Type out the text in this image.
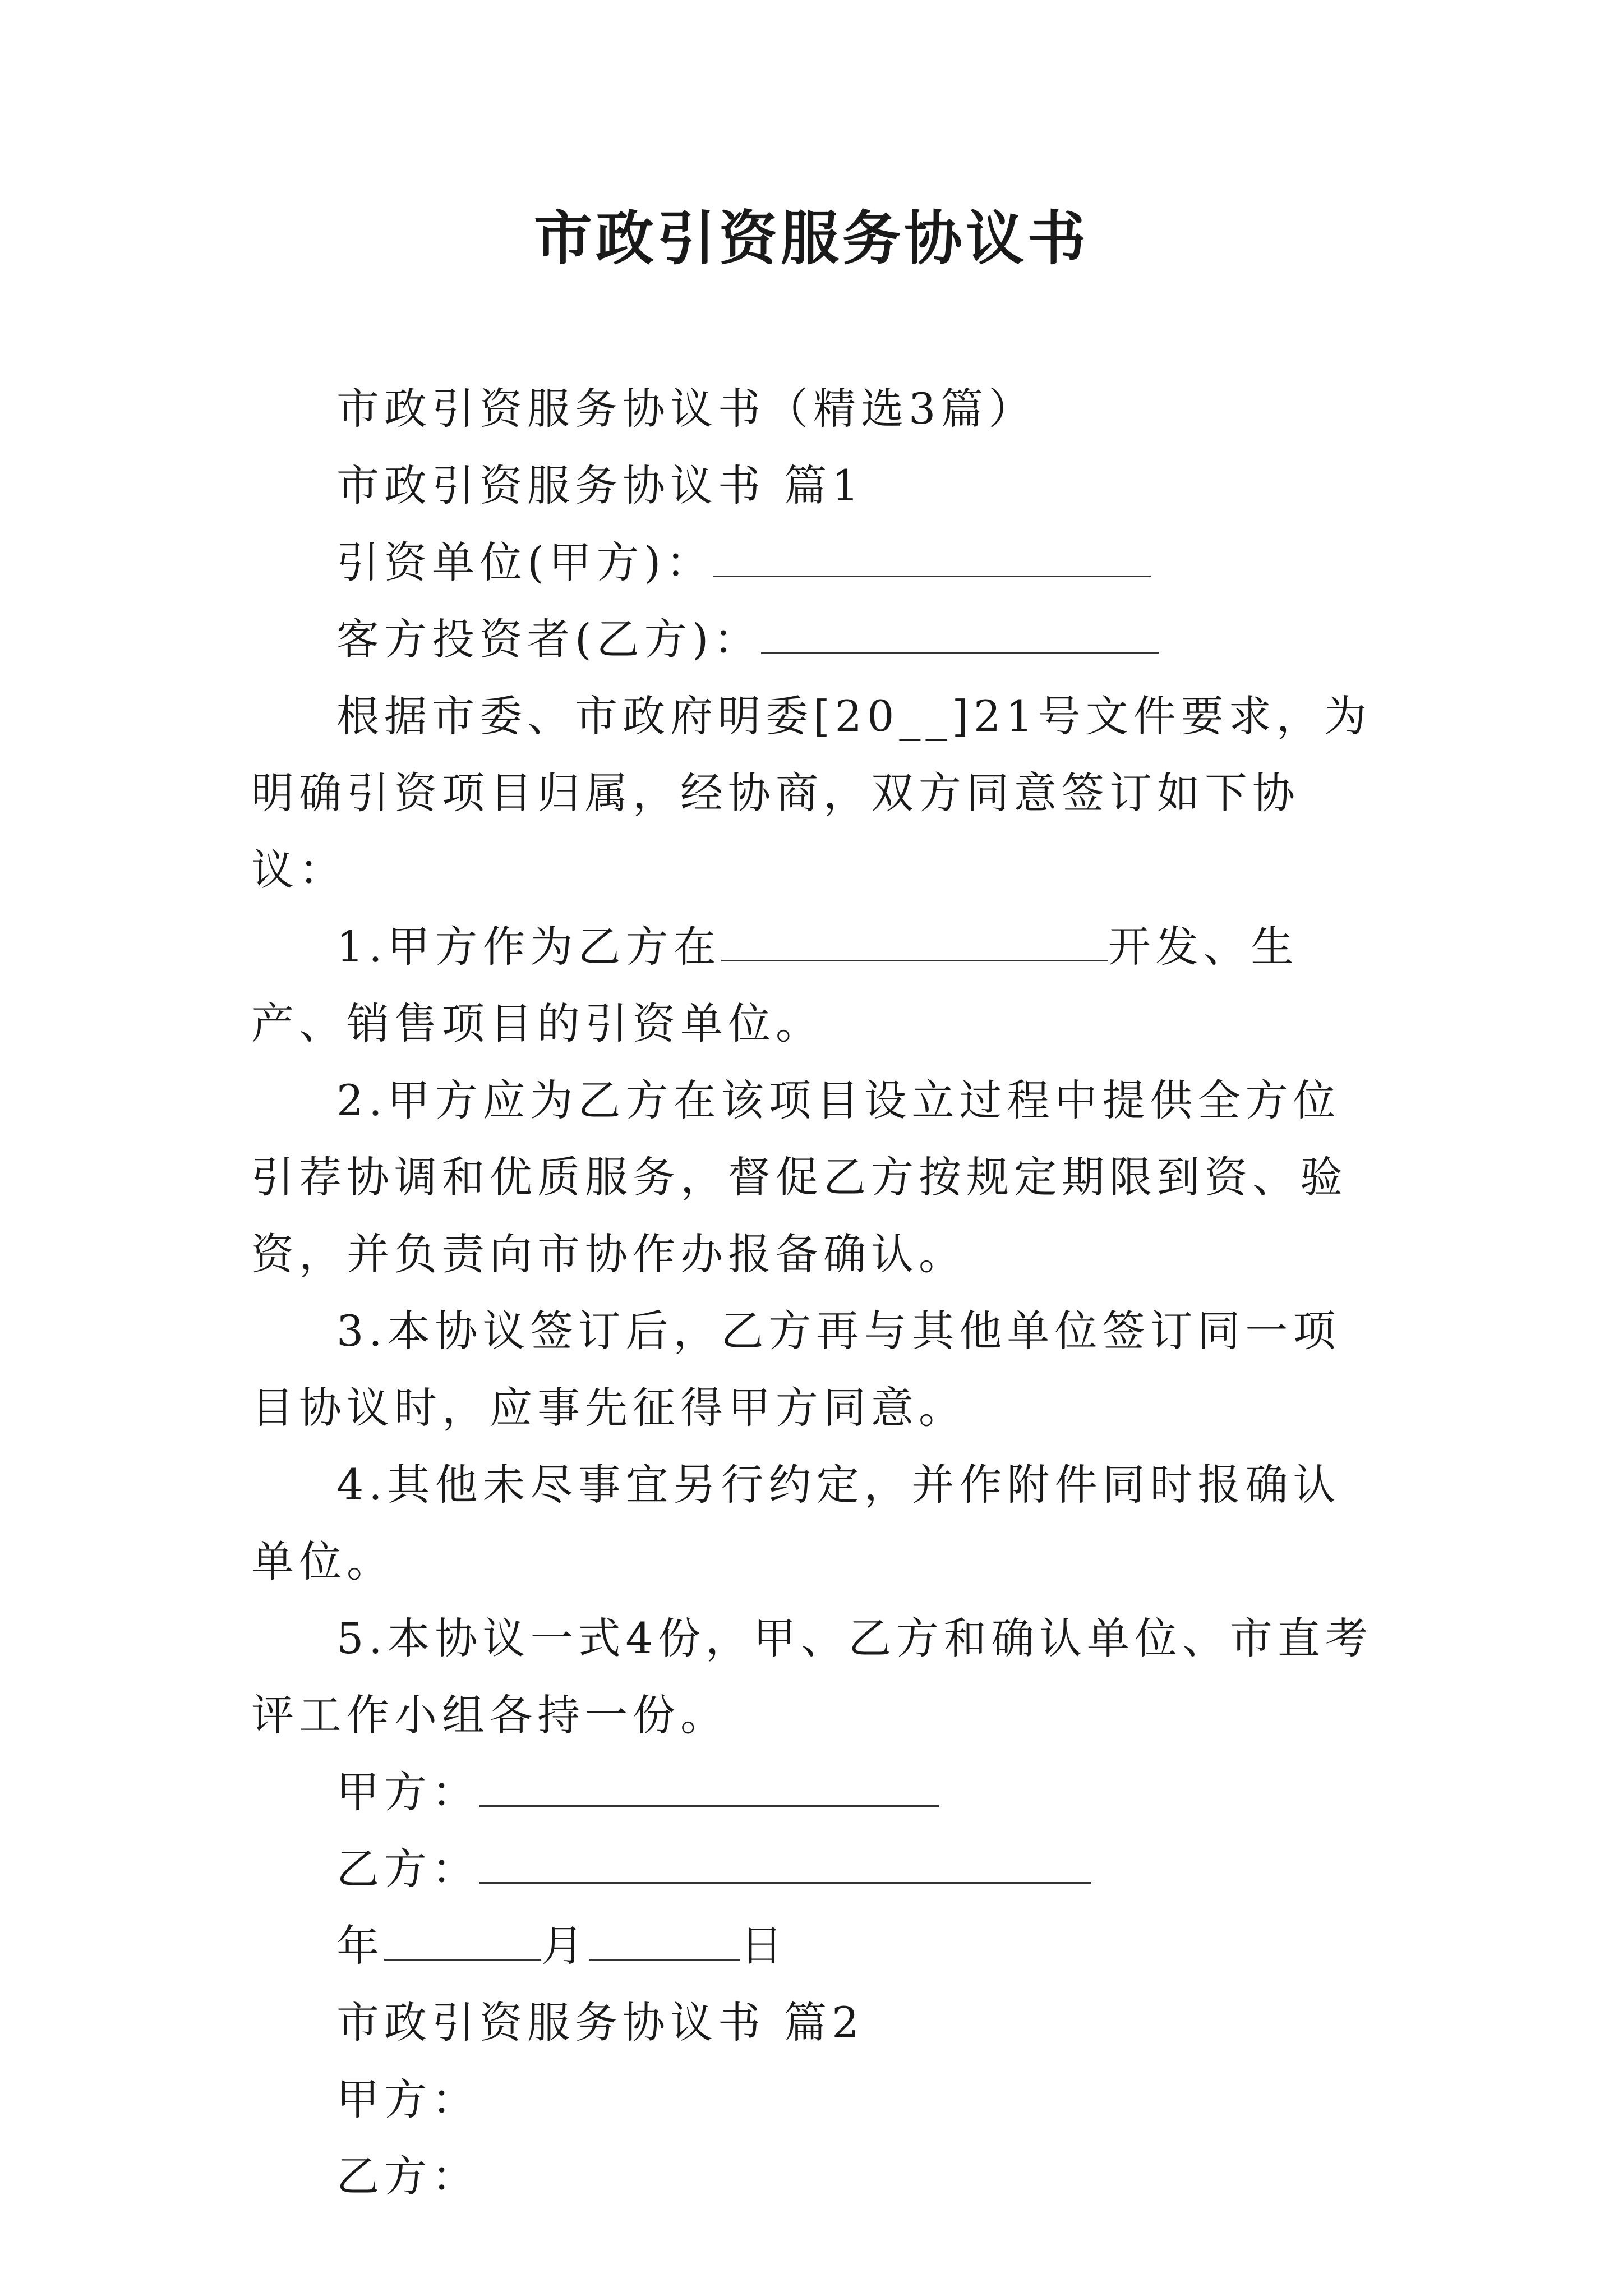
市政引资服务协议书

市政引资服务协议书（精选3篇）

市政引资服务协议书 篇1

引资单位(甲方)：

客方投资者(乙方)：

根据市委、市政府明委[20__]21号文件要求，为明确引资项目归属，经协商，双方同意签订如下协议：

1.甲方作为乙方在	开发、生产、销售项目的引资单位。

2.甲方应为乙方在该项目设立过程中提供全方位引荐协调和优质服务，督促乙方按规定期限到资、验资，并负责向市协作办报备确认。

3.本协议签订后，乙方再与其他单位签订同一项目协议时，应事先征得甲方同意。

4.其他未尽事宜另行约定，并作附件同时报确认单位。

5.本协议一式4份，甲、乙方和确认单位、市直考评工作小组各持一份。

甲方：

乙方：

年	月	日

市政引资服务协议书 篇2

甲方：

乙方：
